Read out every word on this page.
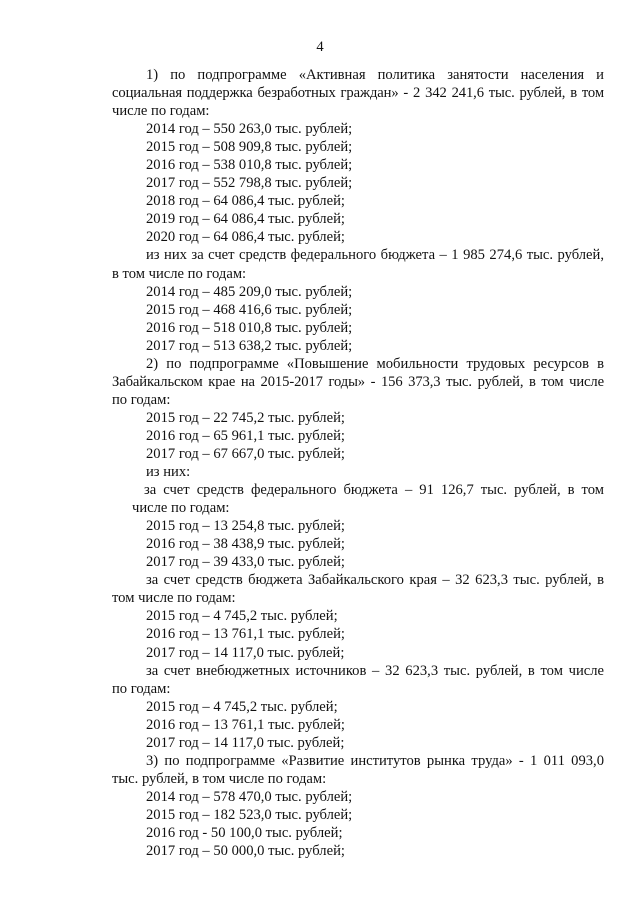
4
1) по подпрограмме «Активная политика занятости населения и
социальная поддержка безработных граждан» - 2 342 241,6 тыс. рублей, в том
числе по годам:
2014 год – 550 263,0 тыс. рублей;
2015 год – 508 909,8 тыс. рублей;
2016 год – 538 010,8 тыс. рублей;
2017 год – 552 798,8 тыс. рублей;
2018 год – 64 086,4 тыс. рублей;
2019 год – 64 086,4 тыс. рублей;
2020 год – 64 086,4 тыс. рублей;
из них за счет средств федерального бюджета – 1 985 274,6 тыс. рублей,
в том числе по годам:
2014 год – 485 209,0 тыс. рублей;
2015 год – 468 416,6 тыс. рублей;
2016 год – 518 010,8 тыс. рублей;
2017 год – 513 638,2 тыс. рублей;
2) по подпрограмме «Повышение мобильности трудовых ресурсов в
Забайкальском крае на 2015-2017 годы» - 156 373,3 тыс. рублей, в том числе
по годам:
2015 год – 22 745,2 тыс. рублей;
2016 год – 65 961,1 тыс. рублей;
2017 год – 67 667,0 тыс. рублей;
из них:
за счет средств федерального бюджета – 91 126,7 тыс. рублей, в том
числе по годам:
2015 год – 13 254,8 тыс. рублей;
2016 год – 38 438,9 тыс. рублей;
2017 год – 39 433,0 тыс. рублей;
за счет средств бюджета Забайкальского края – 32 623,3 тыс. рублей, в
том числе по годам:
2015 год – 4 745,2 тыс. рублей;
2016 год – 13 761,1 тыс. рублей;
2017 год – 14 117,0 тыс. рублей;
за счет внебюджетных источников – 32 623,3 тыс. рублей, в том числе
по годам:
2015 год – 4 745,2 тыс. рублей;
2016 год – 13 761,1 тыс. рублей;
2017 год – 14 117,0 тыс. рублей;
3) по подпрограмме «Развитие институтов рынка труда» - 1 011 093,0
тыс. рублей, в том числе по годам:
2014 год – 578 470,0 тыс. рублей;
2015 год – 182 523,0 тыс. рублей;
2016 год - 50 100,0 тыс. рублей;
2017 год – 50 000,0 тыс. рублей;
